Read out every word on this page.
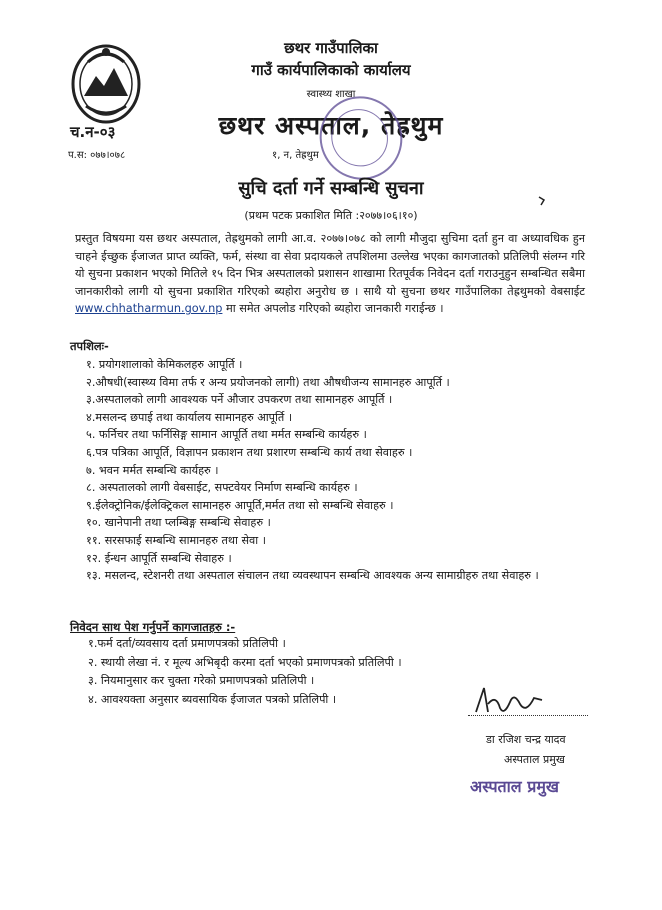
छथर गाउँपालिका
गाउँ कार्यपालिकाको कार्यालय
स्वास्थ्य शाखा
छथर अस्पताल, तेह्रथुम
च.न-०३
प.स: ०७७।०७८	१, न, तेह्रथुम
सुचि दर्ता गर्ने सम्बन्धि सुचना
(प्रथम पटक प्रकाशित मिति :२०७७।०६।१०)
प्रस्तुत विषयमा यस छथर अस्पताल, तेह्रथुमको लागी आ.व. २०७७।०७८ को लागी मौजुदा सुचिमा दर्ता हुन वा अध्यावधिक हुन चाहने ईच्छुक ईजाजत प्राप्त व्यक्ति, फर्म, संस्था वा सेवा प्रदायकले तपशिलमा उल्लेख भएका कागजातको प्रतिलिपी संलग्न गरि यो सुचना प्रकाशन भएको मितिले १५ दिन भित्र अस्पतालको प्रशासन शाखामा रितपूर्वक निवेदन दर्ता गराउनुहुन सम्बन्धित सबैमा जानकारीको लागी यो सुचना प्रकाशित गरिएको ब्यहोरा अनुरोध छ । साथै यो सुचना छथर गाउँपालिका तेह्रथुमको वेबसाईट www.chhatharmun.gov.np मा समेत अपलोड गरिएको ब्यहोरा जानकारी गराईन्छ ।
तपशिलः-
१. प्रयोगशालाको केमिकलहरु आपूर्ति ।
२.औषधी(स्वास्थ्य विमा तर्फ र अन्य प्रयोजनको लागी) तथा औषधीजन्य सामानहरु आपूर्ति ।
३.अस्पतालको लागी आवश्यक पर्ने औजार उपकरण तथा सामानहरु आपूर्ति ।
४.मसलन्द छपाई तथा कार्यालय सामानहरु आपूर्ति ।
५. फर्निचर तथा फर्निसिङ्ग सामान आपूर्ति तथा मर्मत सम्बन्धि कार्यहरु ।
६.पत्र पत्रिका आपूर्ति, विज्ञापन प्रकाशन तथा प्रशारण सम्बन्धि कार्य तथा सेवाहरु ।
७. भवन मर्मत सम्बन्धि कार्यहरु ।
८. अस्पतालको लागी वेबसाईट, सफ्टवेयर निर्माण सम्बन्धि कार्यहरु ।
९.ईलेक्ट्रोनिक/ईलेक्ट्रिकल सामानहरु आपूर्ति,मर्मत तथा सो सम्बन्धि सेवाहरु ।
१०. खानेपानी तथा प्लम्बिङ्ग सम्बन्धि सेवाहरु ।
११. सरसफाई सम्बन्धि सामानहरु तथा सेवा ।
१२. ईन्धन आपूर्ति सम्बन्धि सेवाहरु ।
१३. मसलन्द, स्टेशनरी तथा अस्पताल संचालन तथा व्यवस्थापन सम्बन्धि आवश्यक अन्य सामाग्रीहरु तथा सेवाहरु ।
निवेदन साथ पेश गर्नुपर्ने कागजातहरु :-
१.फर्म दर्ता/व्यवसाय दर्ता प्रमाणपत्रको प्रतिलिपी ।
२. स्थायी लेखा नं. र मूल्य अभिबृदी करमा दर्ता भएको प्रमाणपत्रको प्रतिलिपी ।
३. नियमानुसार कर चुक्ता गरेको प्रमाणपत्रको प्रतिलिपी ।
४. आवश्यक्ता अनुसार ब्यवसायिक ईजाजत पत्रको प्रतिलिपी ।
डा रजिश चन्द्र यादव
अस्पताल प्रमुख
अस्पताल प्रमुख
